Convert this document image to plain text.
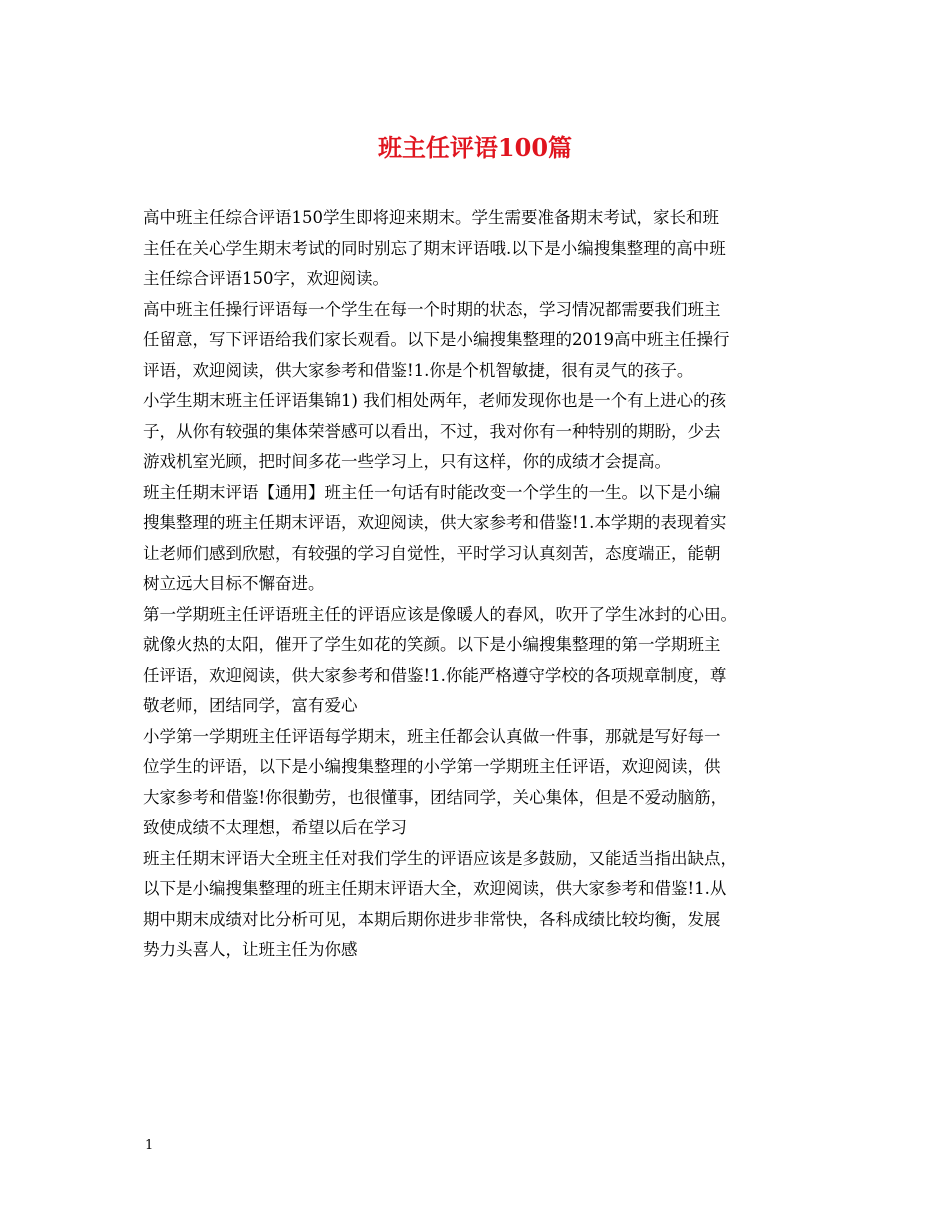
班主任评语100篇

高中班主任综合评语150学生即将迎来期末。学生需要准备期末考试，家长和班
主任在关心学生期末考试的同时别忘了期末评语哦.以下是小编搜集整理的高中班
主任综合评语150字，欢迎阅读。

高中班主任操行评语每一个学生在每一个时期的状态，学习情况都需要我们班主
任留意，写下评语给我们家长观看。以下是小编搜集整理的2019高中班主任操行
评语，欢迎阅读，供大家参考和借鉴!1.你是个机智敏捷，很有灵气的孩子。

小学生期末班主任评语集锦1) 我们相处两年，老师发现你也是一个有上进心的孩
子，从你有较强的集体荣誉感可以看出，不过，我对你有一种特别的期盼，少去
游戏机室光顾，把时间多花一些学习上，只有这样，你的成绩才会提高。

班主任期末评语【通用】班主任一句话有时能改变一个学生的一生。以下是小编
搜集整理的班主任期末评语，欢迎阅读，供大家参考和借鉴!1.本学期的表现着实
让老师们感到欣慰，有较强的学习自觉性，平时学习认真刻苦，态度端正，能朝
树立远大目标不懈奋进。

第一学期班主任评语班主任的评语应该是像暖人的春风，吹开了学生冰封的心田。
就像火热的太阳，催开了学生如花的笑颜。以下是小编搜集整理的第一学期班主
任评语，欢迎阅读，供大家参考和借鉴!1.你能严格遵守学校的各项规章制度，尊
敬老师，团结同学，富有爱心

小学第一学期班主任评语每学期末，班主任都会认真做一件事，那就是写好每一
位学生的评语，以下是小编搜集整理的小学第一学期班主任评语，欢迎阅读，供
大家参考和借鉴!你很勤劳，也很懂事，团结同学，关心集体，但是不爱动脑筋，
致使成绩不太理想，希望以后在学习

班主任期末评语大全班主任对我们学生的评语应该是多鼓励，又能适当指出缺点，
以下是小编搜集整理的班主任期末评语大全，欢迎阅读，供大家参考和借鉴!1.从
期中期末成绩对比分析可见，本期后期你进步非常快，各科成绩比较均衡，发展
势力头喜人，让班主任为你感

1
